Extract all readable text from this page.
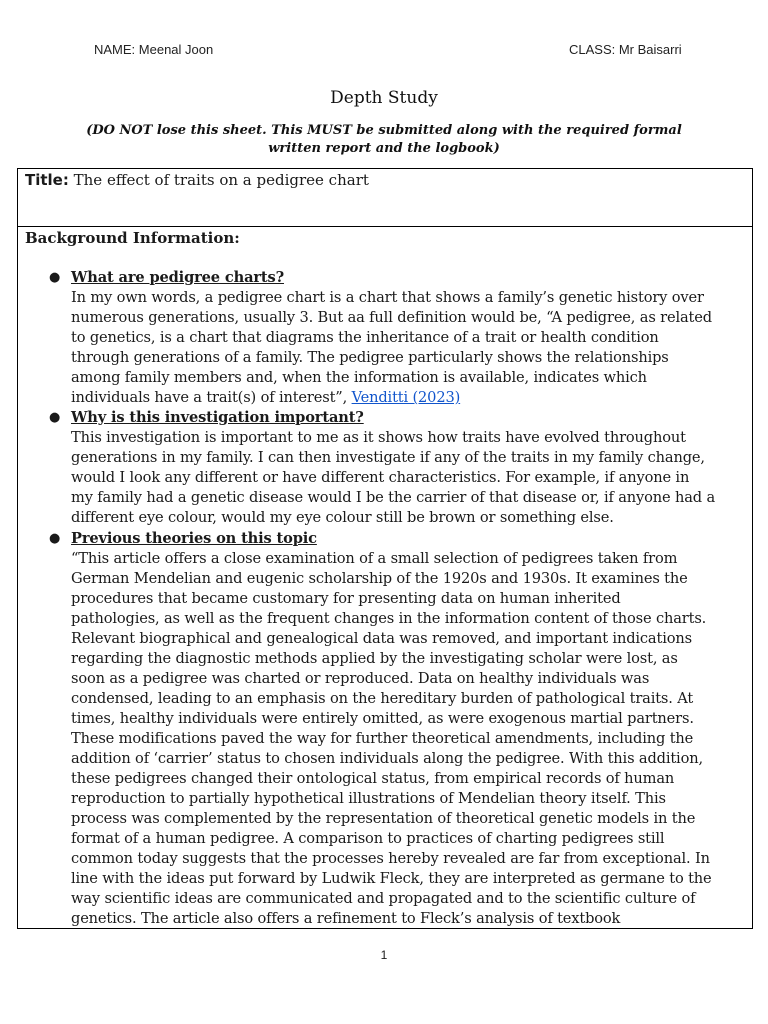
NAME: Meenal Joon	CLASS: Mr Baisarri
Depth Study
(DO NOT lose this sheet. This MUST be submitted along with the required formal
written report and the logbook)
Title: The effect of traits on a pedigree chart
Background Information:
● What are pedigree charts?
In my own words, a pedigree chart is a chart that shows a family’s genetic history over
numerous generations, usually 3. But aa full definition would be, “A pedigree, as related
to genetics, is a chart that diagrams the inheritance of a trait or health condition
through generations of a family. The pedigree particularly shows the relationships
among family members and, when the information is available, indicates which
individuals have a trait(s) of interest”, Venditti (2023)
● Why is this investigation important?
This investigation is important to me as it shows how traits have evolved throughout
generations in my family. I can then investigate if any of the traits in my family change,
would I look any different or have different characteristics. For example, if anyone in
my family had a genetic disease would I be the carrier of that disease or, if anyone had a
different eye colour, would my eye colour still be brown or something else.
● Previous theories on this topic
“This article offers a close examination of a small selection of pedigrees taken from
German Mendelian and eugenic scholarship of the 1920s and 1930s. It examines the
procedures that became customary for presenting data on human inherited
pathologies, as well as the frequent changes in the information content of those charts.
Relevant biographical and genealogical data was removed, and important indications
regarding the diagnostic methods applied by the investigating scholar were lost, as
soon as a pedigree was charted or reproduced. Data on healthy individuals was
condensed, leading to an emphasis on the hereditary burden of pathological traits. At
times, healthy individuals were entirely omitted, as were exogenous martial partners.
These modifications paved the way for further theoretical amendments, including the
addition of ‘carrier’ status to chosen individuals along the pedigree. With this addition,
these pedigrees changed their ontological status, from empirical records of human
reproduction to partially hypothetical illustrations of Mendelian theory itself. This
process was complemented by the representation of theoretical genetic models in the
format of a human pedigree. A comparison to practices of charting pedigrees still
common today suggests that the processes hereby revealed are far from exceptional. In
line with the ideas put forward by Ludwik Fleck, they are interpreted as germane to the
way scientific ideas are communicated and propagated and to the scientific culture of
genetics. The article also offers a refinement to Fleck’s analysis of textbook
1
